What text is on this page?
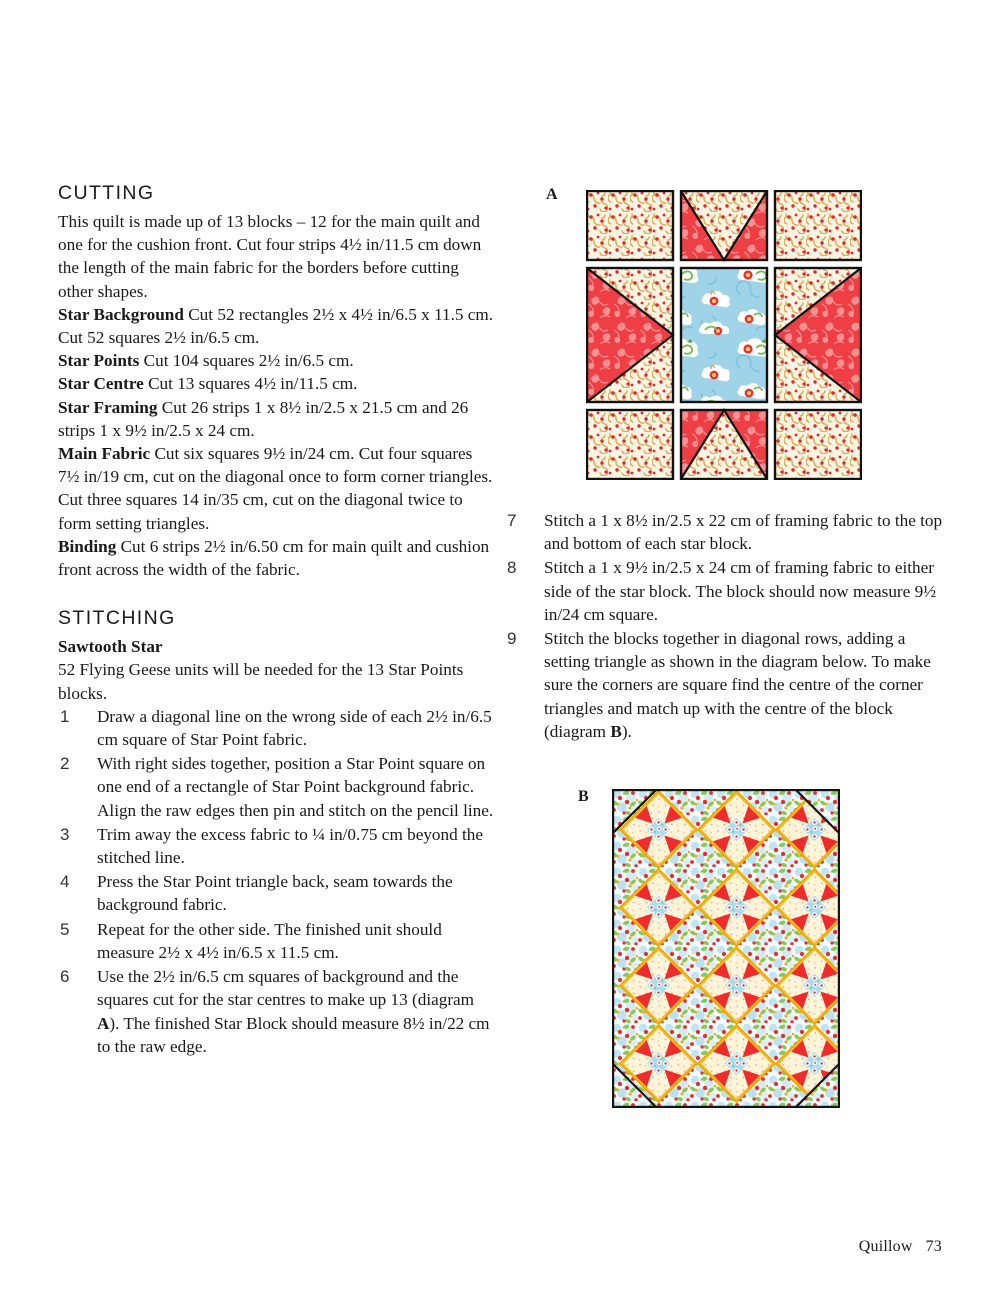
CUTTING

This quilt is made up of 13 blocks – 12 for the main quilt and one for the cushion front. Cut four strips 4½ in/11.5 cm down the length of the main fabric for the borders before cutting other shapes.

Star Background Cut 52 rectangles 2½ x 4½ in/6.5 x 11.5 cm. Cut 52 squares 2½ in/6.5 cm.

Star Points Cut 104 squares 2½ in/6.5 cm.

Star Centre Cut 13 squares 4½ in/11.5 cm.

Star Framing Cut 26 strips 1 x 8½ in/2.5 x 21.5 cm and 26 strips 1 x 9½ in/2.5 x 24 cm.

Main Fabric Cut six squares 9½ in/24 cm. Cut four squares 7½ in/19 cm, cut on the diagonal once to form corner triangles. Cut three squares 14 in/35 cm, cut on the diagonal twice to form setting triangles.

Binding Cut 6 strips 2½ in/6.50 cm for main quilt and cushion front across the width of the fabric.

STITCHING

Sawtooth Star

52 Flying Geese units will be needed for the 13 Star Points blocks.

1	Draw a diagonal line on the wrong side of each 2½ in/6.5 cm square of Star Point fabric.
2	With right sides together, position a Star Point square on one end of a rectangle of Star Point background fabric. Align the raw edges then pin and stitch on the pencil line.
3	Trim away the excess fabric to ¼ in/0.75 cm beyond the stitched line.
4	Press the Star Point triangle back, seam towards the background fabric.
5	Repeat for the other side. The finished unit should measure 2½ x 4½ in/6.5 x 11.5 cm.
6	Use the 2½ in/6.5 cm squares of background and the squares cut for the star centres to make up 13 (diagram A). The finished Star Block should measure 8½ in/22 cm to the raw edge.
A
B
7	Stitch a 1 x 8½ in/2.5 x 22 cm of framing fabric to the top and bottom of each star block.
8	Stitch a 1 x 9½ in/2.5 x 24 cm of framing fabric to either side of the star block. The block should now measure 9½ in/24 cm square.
9	Stitch the blocks together in diagonal rows, adding a setting triangle as shown in the diagram below. To make sure the corners are square find the centre of the corner triangles and match up with the centre of the block (diagram B).
Quillow 73
